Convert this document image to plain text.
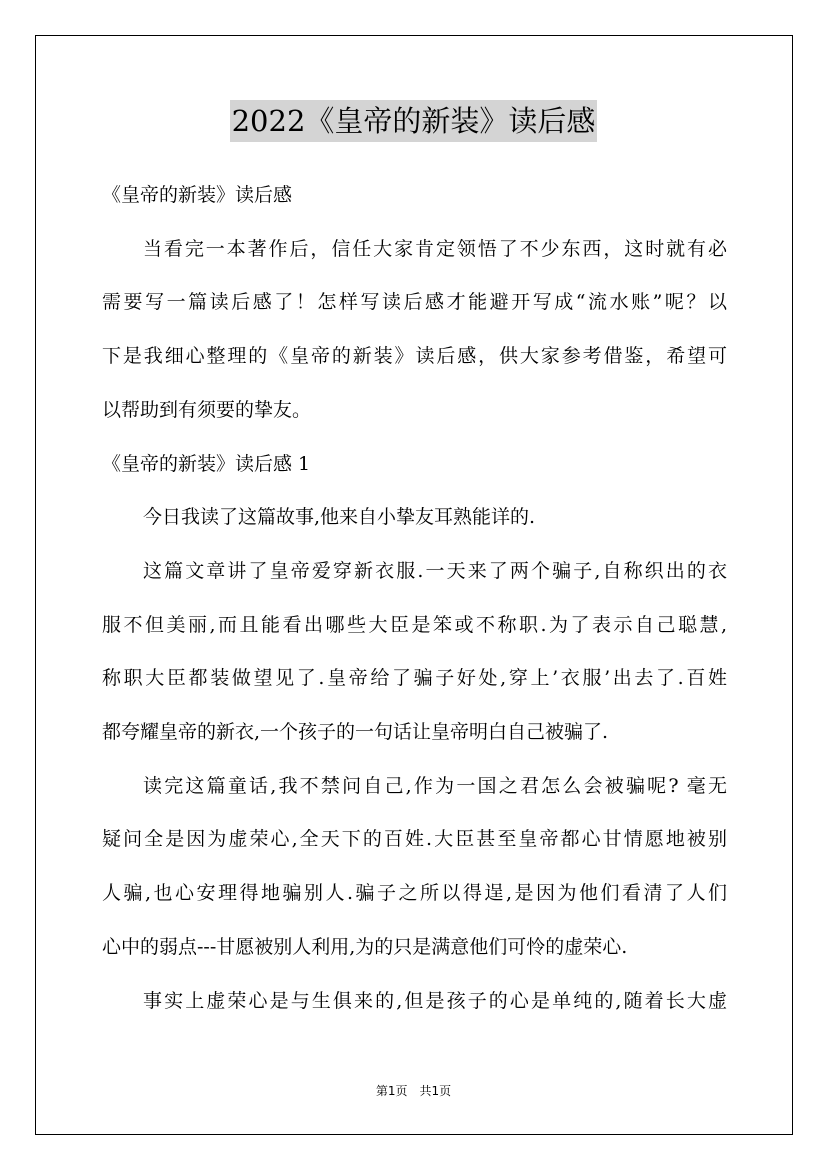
2022《皇帝的新装》读后感

《皇帝的新装》读后感

当看完一本著作后，信任大家肯定领悟了不少东西，这时就有必

需要写一篇读后感了！怎样写读后感才能避开写成“流水账”呢？以

下是我细心整理的《皇帝的新装》读后感，供大家参考借鉴，希望可

以帮助到有须要的挚友。

《皇帝的新装》读后感 1

今日我读了这篇故事,他来自小挚友耳熟能详的.

这篇文章讲了皇帝爱穿新衣服.一天来了两个骗子,自称织出的衣

服不但美丽,而且能看出哪些大臣是笨或不称职.为了表示自己聪慧,

称职大臣都装做望见了.皇帝给了骗子好处,穿上’衣服’出去了.百姓

都夸耀皇帝的新衣,一个孩子的一句话让皇帝明白自己被骗了.

读完这篇童话,我不禁问自己,作为一国之君怎么会被骗呢? 毫无

疑问全是因为虚荣心,全天下的百姓.大臣甚至皇帝都心甘情愿地被别

人骗,也心安理得地骗别人.骗子之所以得逞,是因为他们看清了人们

心中的弱点---甘愿被别人利用,为的只是满意他们可怜的虚荣心.

事实上虚荣心是与生俱来的,但是孩子的心是单纯的,随着长大虚

第1页 共1页
